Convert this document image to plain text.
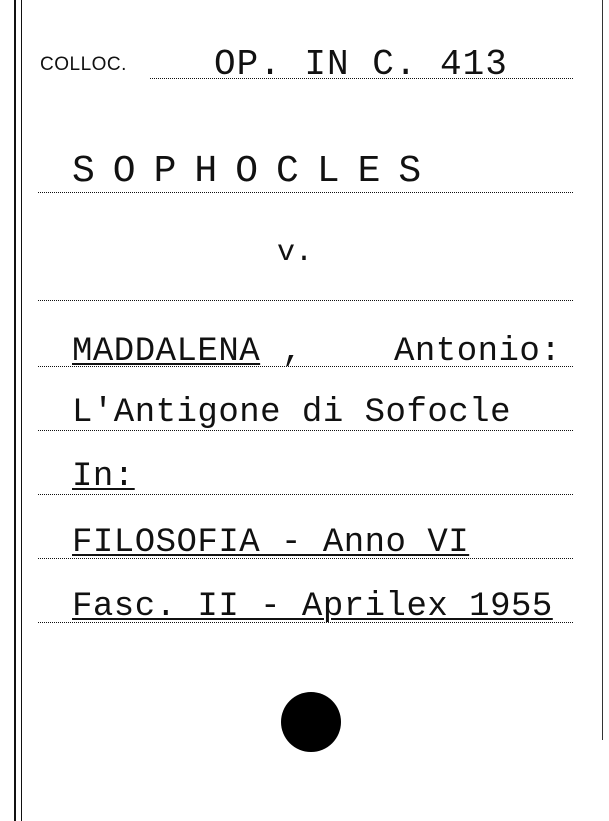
COLLOC. OP. IN C. 413
SOPHOCLES
v.
MADDALENA ,	Antonio:
L'Antigone di Sofocle
In:
FILOSOFIA - Anno VI
Fasc. II - Aprilex 1955
